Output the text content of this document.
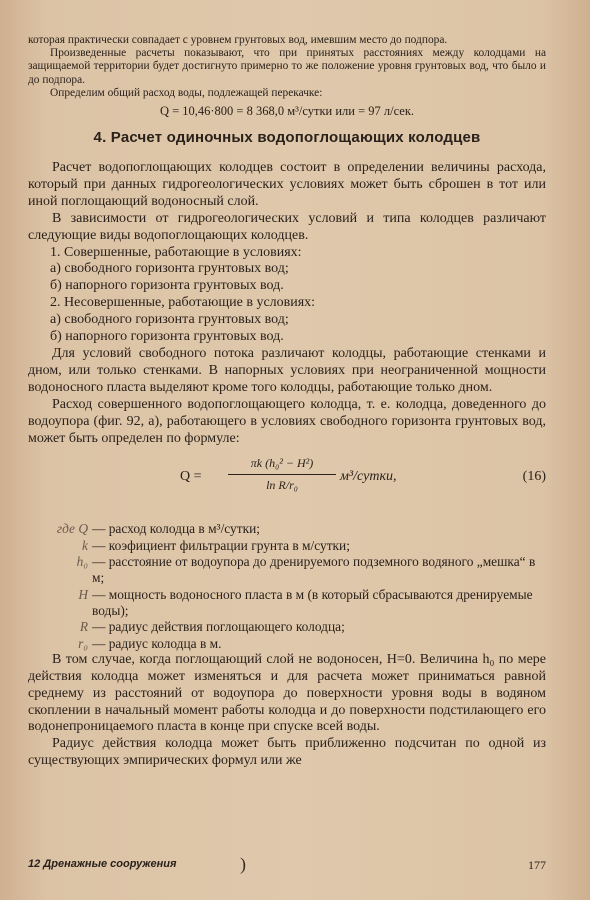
которая практически совпадает с уровнем грунтовых вод, имевшим место до подпора.

Произведенные расчеты показывают, что при принятых расстояниях между колодцами на защищаемой территории будет достигнуто примерно то же положение уровня грунтовых вод, что было и до подпора.

Определим общий расход воды, подлежащей перекачке:

Q = 10,46·800 = 8 368,0 м³/сутки или = 97 л/сек.
4. Расчет одиночных водопоглощающих колодцев

Расчет водопоглощающих колодцев состоит в определении величины расхода, который при данных гидрогеологических условиях может быть сброшен в тот или иной поглощающий водоносный слой.

В зависимости от гидрогеологических условий и типа колодцев различают следующие виды водопоглощающих колодцев.

1. Совершенные, работающие в условиях:

а) свободного горизонта грунтовых вод;

б) напорного горизонта грунтовых вод.

2. Несовершенные, работающие в условиях:

а) свободного горизонта грунтовых вод;

б) напорного горизонта грунтовых вод.

Для условий свободного потока различают колодцы, работающие стенками и дном, или только стенками. В напорных условиях при неограниченной мощности водоносного пласта выделяют кроме того колодцы, работающие только дном.

Расход совершенного водопоглощающего колодца, т. е. колодца, доведенного до водоупора (фиг. 92, а), работающего в условиях свободного горизонта грунтовых вод, может быть определен по формуле:

$Q = \frac{\text{πk (h₀² − H²)}}{\text{ln R/r₀}}$ м³/сутки,	(16)
где Q — расход колодца в м³/сутки;
k — коэфициент фильтрации грунта в м/сутки;
h₀ — расстояние от водоупора до дренируемого подземного водяного „мешка“ в м;
H — мощность водоносного пласта в м (в который сбрасываются дренируемые воды);
R — радиус действия поглощающего колодца;
r₀ — радиус колодца в м.

В том случае, когда поглощающий слой не водоносен, H=0. Величина h₀ по мере действия колодца может изменяться и для расчета может приниматься равной среднему из расстояний от водоупора до поверхности уровня воды в водяном скоплении в начальный момент работы колодца и до поверхности подстилающего его водонепроницаемого пласта в конце при спуске всей воды.

Радиус действия колодца может быть приближенно подсчитан по одной из существующих эмпирических формул или же

12 Дренажные сооружения	)	177
